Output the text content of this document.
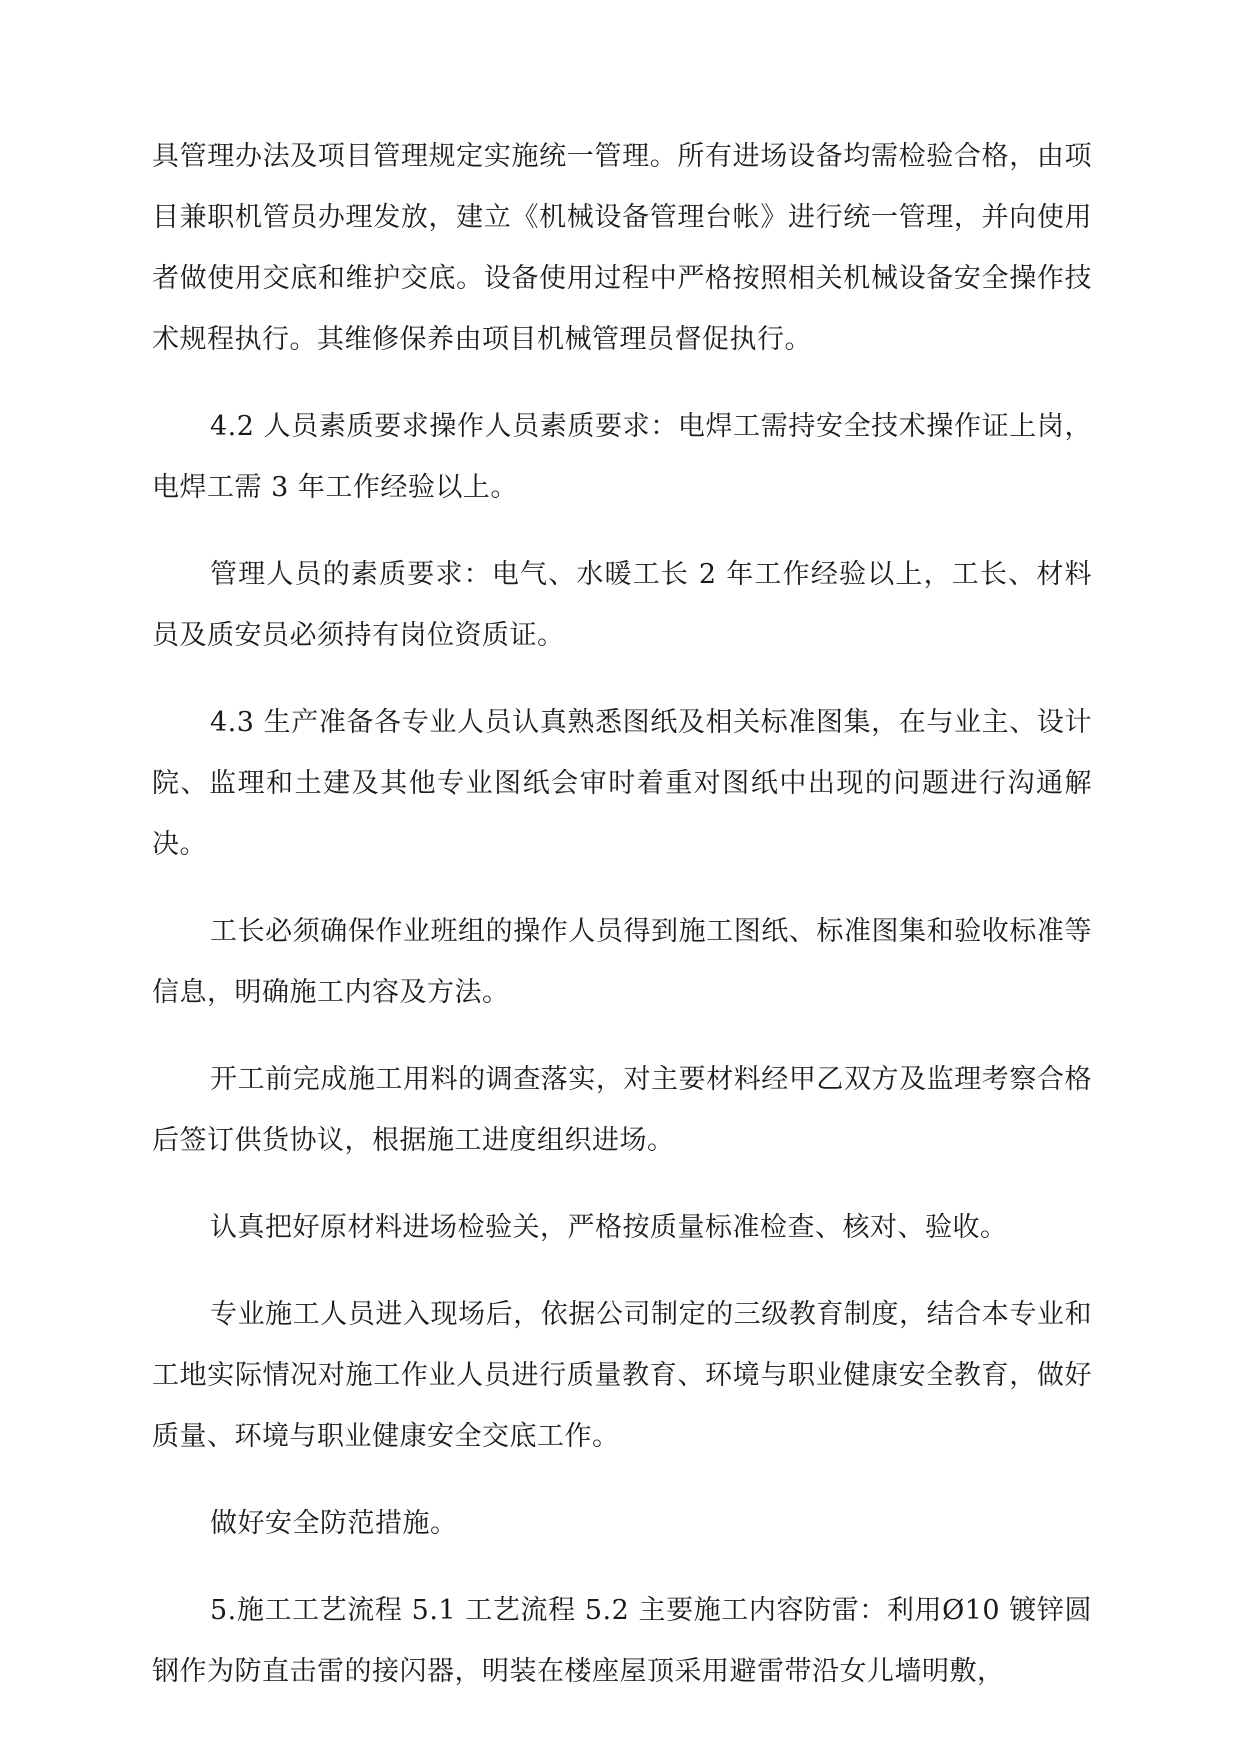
具管理办法及项目管理规定实施统一管理。所有进场设备均需检验合格，由项目兼职机管员办理发放，建立《机械设备管理台帐》进行统一管理，并向使用者做使用交底和维护交底。设备使用过程中严格按照相关机械设备安全操作技术规程执行。其维修保养由项目机械管理员督促执行。

4.2 人员素质要求操作人员素质要求：电焊工需持安全技术操作证上岗，电焊工需 3 年工作经验以上。

管理人员的素质要求：电气、水暖工长 2 年工作经验以上，工长、材料员及质安员必须持有岗位资质证。

4.3 生产准备各专业人员认真熟悉图纸及相关标准图集，在与业主、设计院、监理和土建及其他专业图纸会审时着重对图纸中出现的问题进行沟通解决。

工长必须确保作业班组的操作人员得到施工图纸、标准图集和验收标准等信息，明确施工内容及方法。

开工前完成施工用料的调查落实，对主要材料经甲乙双方及监理考察合格后签订供货协议，根据施工进度组织进场。

认真把好原材料进场检验关，严格按质量标准检查、核对、验收。

专业施工人员进入现场后，依据公司制定的三级教育制度，结合本专业和工地实际情况对施工作业人员进行质量教育、环境与职业健康安全教育，做好质量、环境与职业健康安全交底工作。

做好安全防范措施。

5.施工工艺流程 5.1 工艺流程 5.2 主要施工内容防雷：利用Ø10 镀锌圆钢作为防直击雷的接闪器，明装在楼座屋顶采用避雷带沿女儿墙明敷，
